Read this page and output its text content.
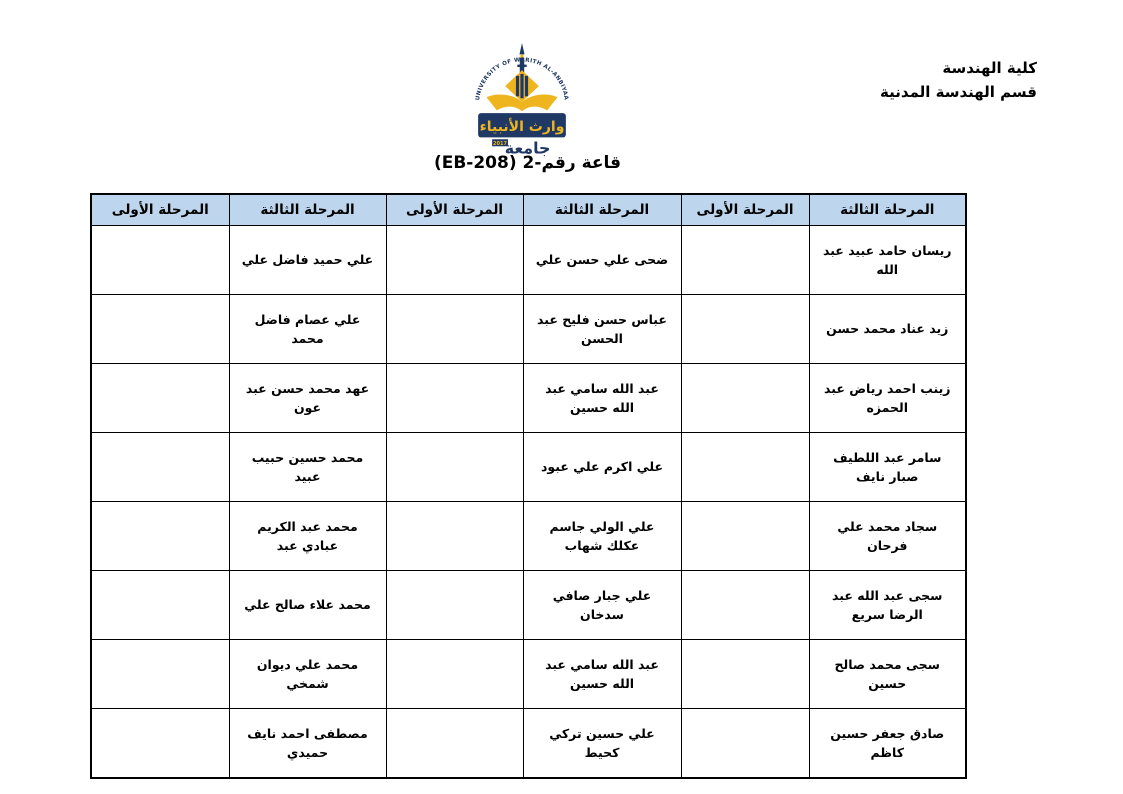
كلية الهندسة
قسم الهندسة المدنية
UNIVERSITY OF WARITH AL-ANBIYAA
وارث الأنبياء
2017
جامعة
قاعة رقم-2 (EB-208)
المرحلة الثالثة	المرحلة الأولى	المرحلة الثالثة	المرحلة الأولى	المرحلة الثالثة	المرحلة الأولى
ريسان حامد عبيد عبد الله		ضحى علي حسن علي		علي حميد فاضل علي	
زيد عناد محمد حسن		عباس حسن فليح عبد الحسن		علي عصام فاضل محمد	
زينب احمد رياض عبد الحمزه		عبد الله سامي عبد الله حسين		عهد محمد حسن عبد عون	
سامر عبد اللطيف صبار نايف		علي اكرم علي عبود		محمد حسين حبيب عبيد	
سجاد محمد علي فرحان		علي الولي جاسم عكلك شهاب		محمد عبد الكريم عبادي عبد	
سجى عبد الله عبد الرضا سريع		علي جبار صافي سدخان		محمد علاء صالح علي	
سجى محمد صالح حسين		عبد الله سامي عبد الله حسين		محمد علي ديوان شمخي	
صادق جعفر حسين كاظم		علي حسين تركي كحيط		مصطفى احمد نايف حميدي	
